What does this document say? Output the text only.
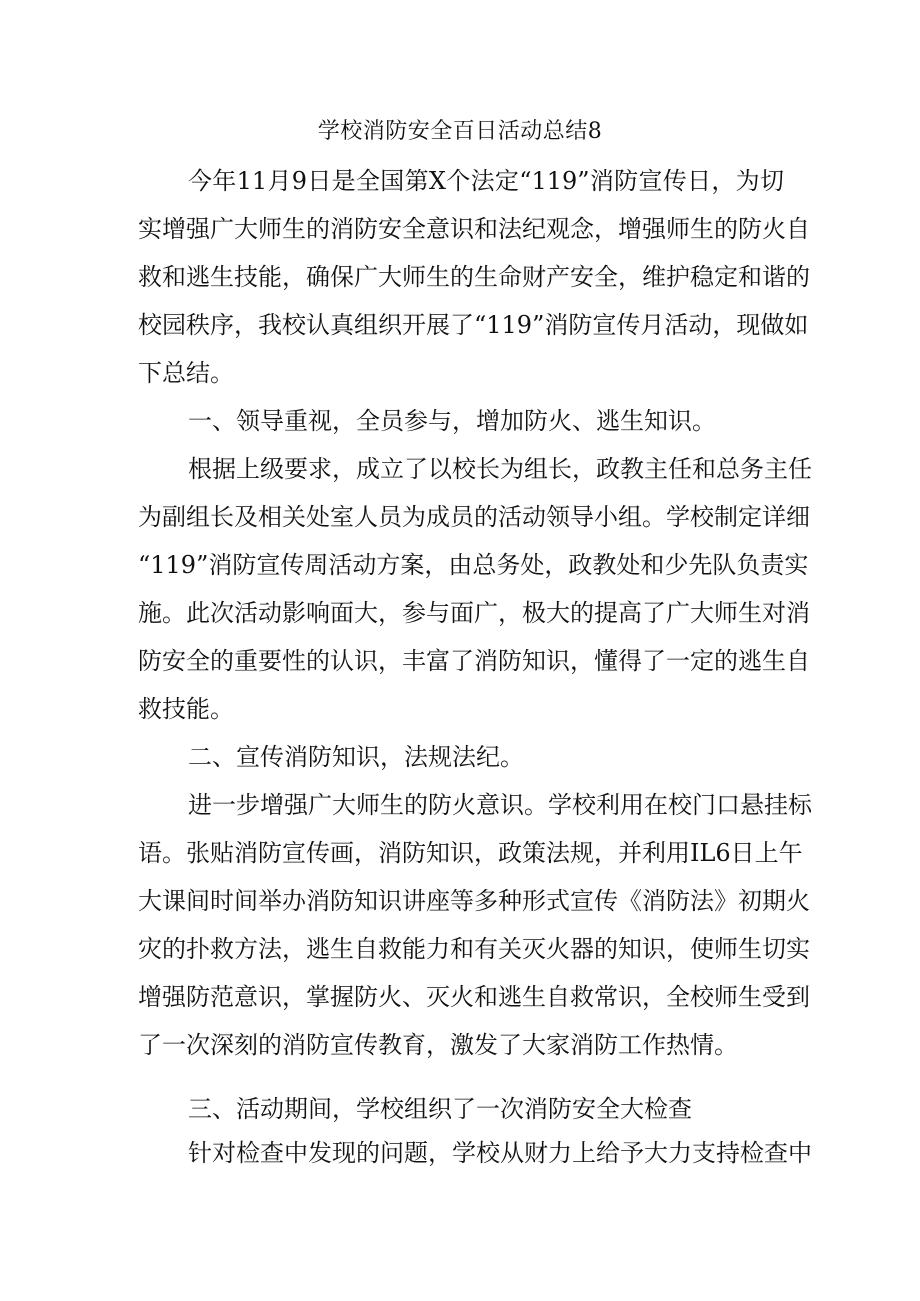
学校消防安全百日活动总结8
今年11月9日是全国第X个法定“119”消防宣传日，为切
实增强广大师生的消防安全意识和法纪观念，增强师生的防火自
救和逃生技能，确保广大师生的生命财产安全，维护稳定和谐的
校园秩序，我校认真组织开展了“119”消防宣传月活动，现做如
下总结。
一、领导重视，全员参与，增加防火、逃生知识。
根据上级要求，成立了以校长为组长，政教主任和总务主任
为副组长及相关处室人员为成员的活动领导小组。学校制定详细
“119”消防宣传周活动方案，由总务处，政教处和少先队负责实
施。此次活动影响面大，参与面广，极大的提高了广大师生对消
防安全的重要性的认识，丰富了消防知识，懂得了一定的逃生自
救技能。
二、宣传消防知识，法规法纪。
进一步增强广大师生的防火意识。学校利用在校门口悬挂标
语。张贴消防宣传画，消防知识，政策法规，并利用IL6日上午
大课间时间举办消防知识讲座等多种形式宣传《消防法》初期火
灾的扑救方法，逃生自救能力和有关灭火器的知识，使师生切实
增强防范意识，掌握防火、灭火和逃生自救常识，全校师生受到
了一次深刻的消防宣传教育，激发了大家消防工作热情。
三、活动期间，学校组织了一次消防安全大检查
针对检查中发现的问题，学校从财力上给予大力支持检查中
